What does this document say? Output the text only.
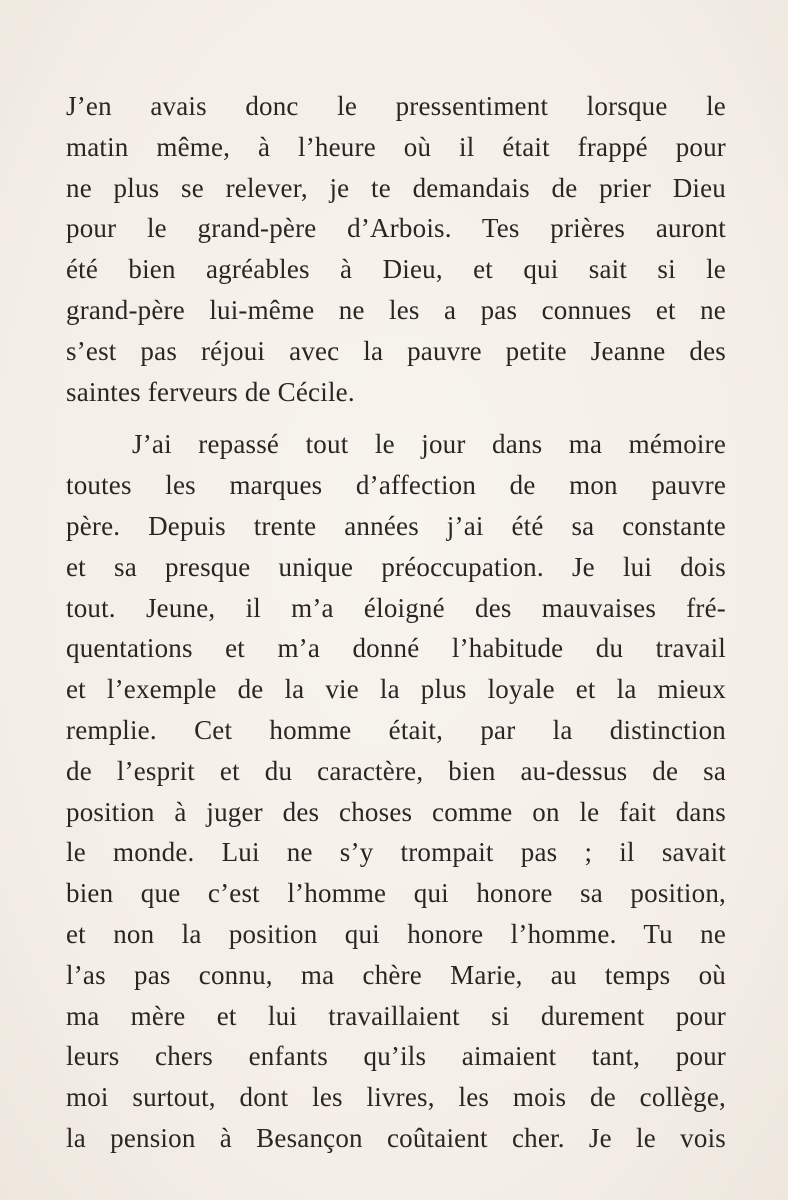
J’en avais donc le pressentiment lorsque le
matin même, à l’heure où il était frappé pour
ne plus se relever, je te demandais de prier Dieu
pour le grand-père d’Arbois. Tes prières auront
été bien agréables à Dieu, et qui sait si le
grand-père lui-même ne les a pas connues et ne
s’est pas réjoui avec la pauvre petite Jeanne des
saintes ferveurs de Cécile.
J’ai repassé tout le jour dans ma mémoire
toutes les marques d’affection de mon pauvre
père. Depuis trente années j’ai été sa constante
et sa presque unique préoccupation. Je lui dois
tout. Jeune, il m’a éloigné des mauvaises fré-
quentations et m’a donné l’habitude du travail
et l’exemple de la vie la plus loyale et la mieux
remplie. Cet homme était, par la distinction
de l’esprit et du caractère, bien au-dessus de sa
position à juger des choses comme on le fait dans
le monde. Lui ne s’y trompait pas ; il savait
bien que c’est l’homme qui honore sa position,
et non la position qui honore l’homme. Tu ne
l’as pas connu, ma chère Marie, au temps où
ma mère et lui travaillaient si durement pour
leurs chers enfants qu’ils aimaient tant, pour
moi surtout, dont les livres, les mois de collège,
la pension à Besançon coûtaient cher. Je le vois
